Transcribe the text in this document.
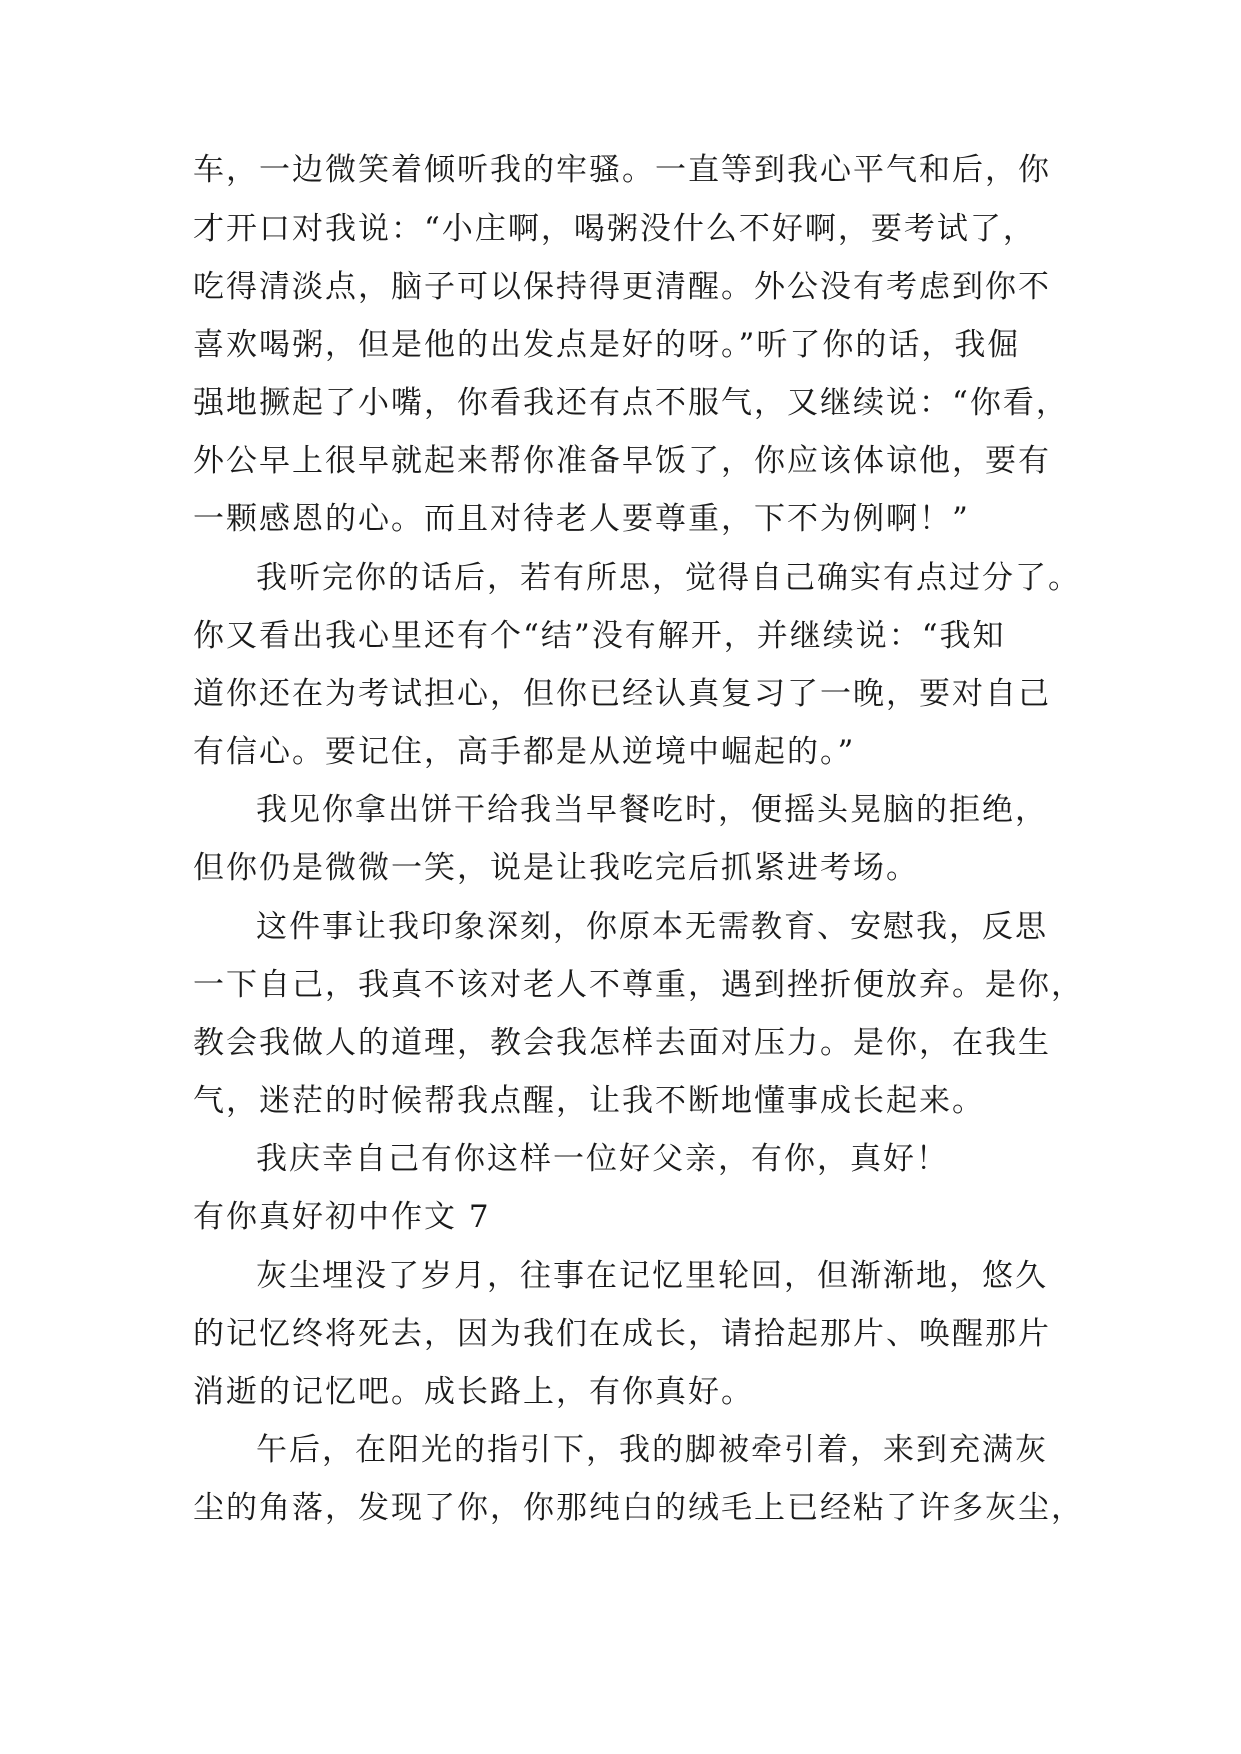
车，一边微笑着倾听我的牢骚。一直等到我心平气和后，你
才开口对我说：“小庄啊，喝粥没什么不好啊，要考试了，
吃得清淡点，脑子可以保持得更清醒。外公没有考虑到你不
喜欢喝粥，但是他的出发点是好的呀。”听了你的话，我倔
强地撅起了小嘴，你看我还有点不服气，又继续说：“你看，
外公早上很早就起来帮你准备早饭了，你应该体谅他，要有
一颗感恩的心。而且对待老人要尊重，下不为例啊！”
我听完你的话后，若有所思，觉得自己确实有点过分了。
你又看出我心里还有个“结”没有解开，并继续说：“我知
道你还在为考试担心，但你已经认真复习了一晚，要对自己
有信心。要记住，高手都是从逆境中崛起的。”
我见你拿出饼干给我当早餐吃时，便摇头晃脑的拒绝，
但你仍是微微一笑，说是让我吃完后抓紧进考场。
这件事让我印象深刻，你原本无需教育、安慰我，反思
一下自己，我真不该对老人不尊重，遇到挫折便放弃。是你，
教会我做人的道理，教会我怎样去面对压力。是你，在我生
气，迷茫的时候帮我点醒，让我不断地懂事成长起来。
我庆幸自己有你这样一位好父亲，有你，真好！
有你真好初中作文 7
灰尘埋没了岁月，往事在记忆里轮回，但渐渐地，悠久
的记忆终将死去，因为我们在成长，请拾起那片、唤醒那片
消逝的记忆吧。成长路上，有你真好。
午后，在阳光的指引下，我的脚被牵引着，来到充满灰
尘的角落，发现了你，你那纯白的绒毛上已经粘了许多灰尘，
